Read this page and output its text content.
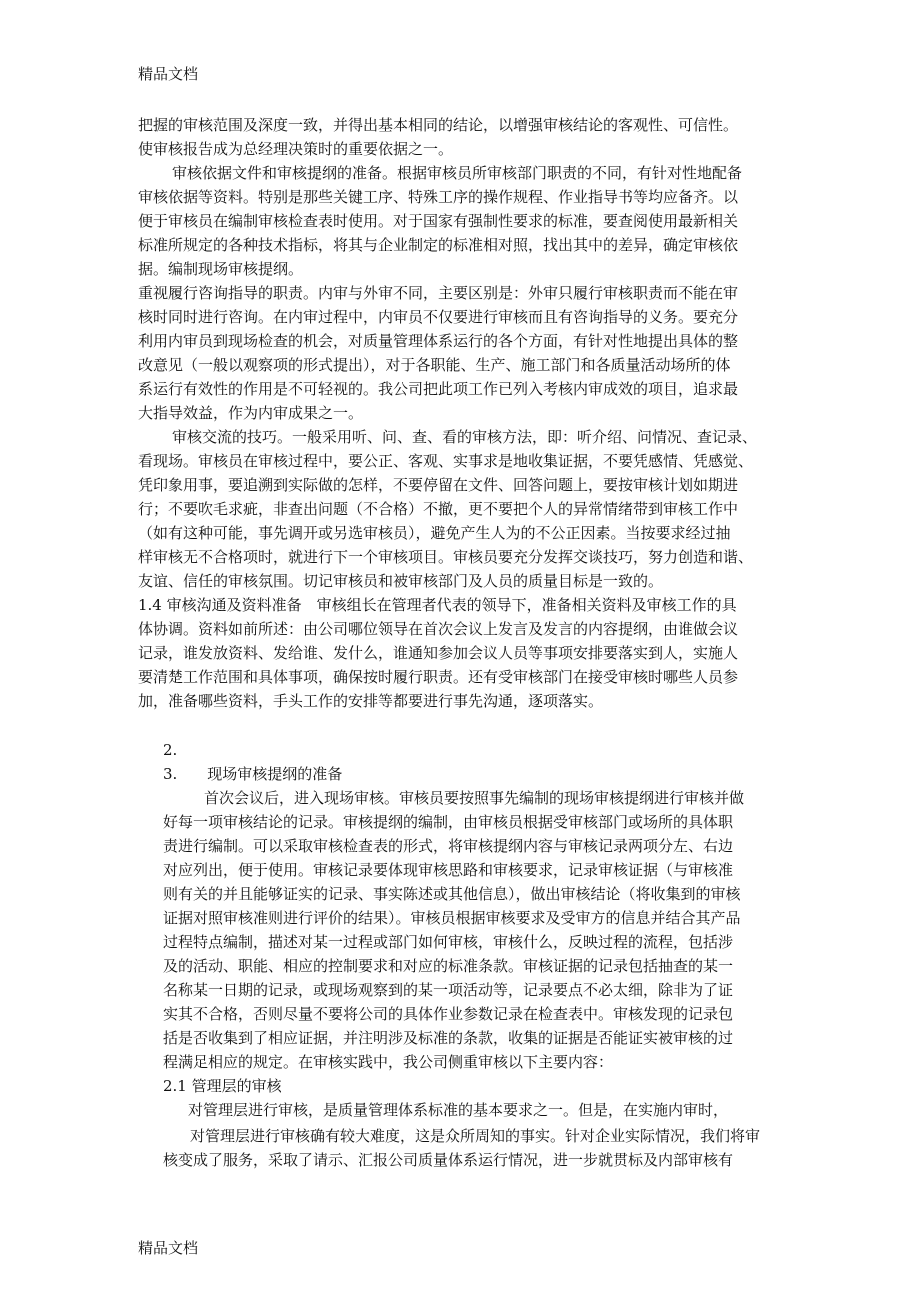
精品文档
把握的审核范围及深度一致，并得出基本相同的结论，以增强审核结论的客观性、可信性。
使审核报告成为总经理决策时的重要依据之一。
审核依据文件和审核提纲的准备。根据审核员所审核部门职责的不同，有针对性地配备
审核依据等资料。特别是那些关键工序、特殊工序的操作规程、作业指导书等均应备齐。以
便于审核员在编制审核检查表时使用。对于国家有强制性要求的标准，要查阅使用最新相关
标准所规定的各种技术指标，将其与企业制定的标准相对照，找出其中的差异，确定审核依
据。编制现场审核提纲。
重视履行咨询指导的职责。内审与外审不同，主要区别是：外审只履行审核职责而不能在审
核时同时进行咨询。在内审过程中，内审员不仅要进行审核而且有咨询指导的义务。要充分
利用内审员到现场检查的机会，对质量管理体系运行的各个方面，有针对性地提出具体的整
改意见（一般以观察项的形式提出），对于各职能、生产、施工部门和各质量活动场所的体
系运行有效性的作用是不可轻视的。我公司把此项工作已列入考核内审成效的项目，追求最
大指导效益，作为内审成果之一。
审核交流的技巧。一般采用听、问、查、看的审核方法，即：听介绍、问情况、查记录、
看现场。审核员在审核过程中，要公正、客观、实事求是地收集证据，不要凭感情、凭感觉、
凭印象用事，要追溯到实际做的怎样，不要停留在文件、回答问题上，要按审核计划如期进
行；不要吹毛求疵，非查出问题（不合格）不撤，更不要把个人的异常情绪带到审核工作中
（如有这种可能，事先调开或另选审核员），避免产生人为的不公正因素。当按要求经过抽
样审核无不合格项时，就进行下一个审核项目。审核员要充分发挥交谈技巧，努力创造和谐、
友谊、信任的审核氛围。切记审核员和被审核部门及人员的质量目标是一致的。
1.4 审核沟通及资料准备　审核组长在管理者代表的领导下，准备相关资料及审核工作的具
体协调。资料如前所述：由公司哪位领导在首次会议上发言及发言的内容提纲，由谁做会议
记录，谁发放资料、发给谁、发什么，谁通知参加会议人员等事项安排要落实到人，实施人
要清楚工作范围和具体事项，确保按时履行职责。还有受审核部门在接受审核时哪些人员参
加，准备哪些资料，手头工作的安排等都要进行事先沟通，逐项落实。
2.
3.　　现场审核提纲的准备
首次会议后，进入现场审核。审核员要按照事先编制的现场审核提纲进行审核并做
好每一项审核结论的记录。审核提纲的编制，由审核员根据受审核部门或场所的具体职
责进行编制。可以采取审核检查表的形式，将审核提纲内容与审核记录两项分左、右边
对应列出，便于使用。审核记录要体现审核思路和审核要求，记录审核证据（与审核准
则有关的并且能够证实的记录、事实陈述或其他信息），做出审核结论（将收集到的审核
证据对照审核准则进行评价的结果）。审核员根据审核要求及受审方的信息并结合其产品
过程特点编制，描述对某一过程或部门如何审核，审核什么，反映过程的流程，包括涉
及的活动、职能、相应的控制要求和对应的标准条款。审核证据的记录包括抽查的某一
名称某一日期的记录，或现场观察到的某一项活动等，记录要点不必太细，除非为了证
实其不合格，否则尽量不要将公司的具体作业参数记录在检查表中。审核发现的记录包
括是否收集到了相应证据，并注明涉及标准的条款，收集的证据是否能证实被审核的过
程满足相应的规定。在审核实践中，我公司侧重审核以下主要内容：
2.1 管理层的审核
对管理层进行审核，是质量管理体系标准的基本要求之一。但是，在实施内审时，
对管理层进行审核确有较大难度，这是众所周知的事实。针对企业实际情况，我们将审
核变成了服务，采取了请示、汇报公司质量体系运行情况，进一步就贯标及内部审核有
精品文档
